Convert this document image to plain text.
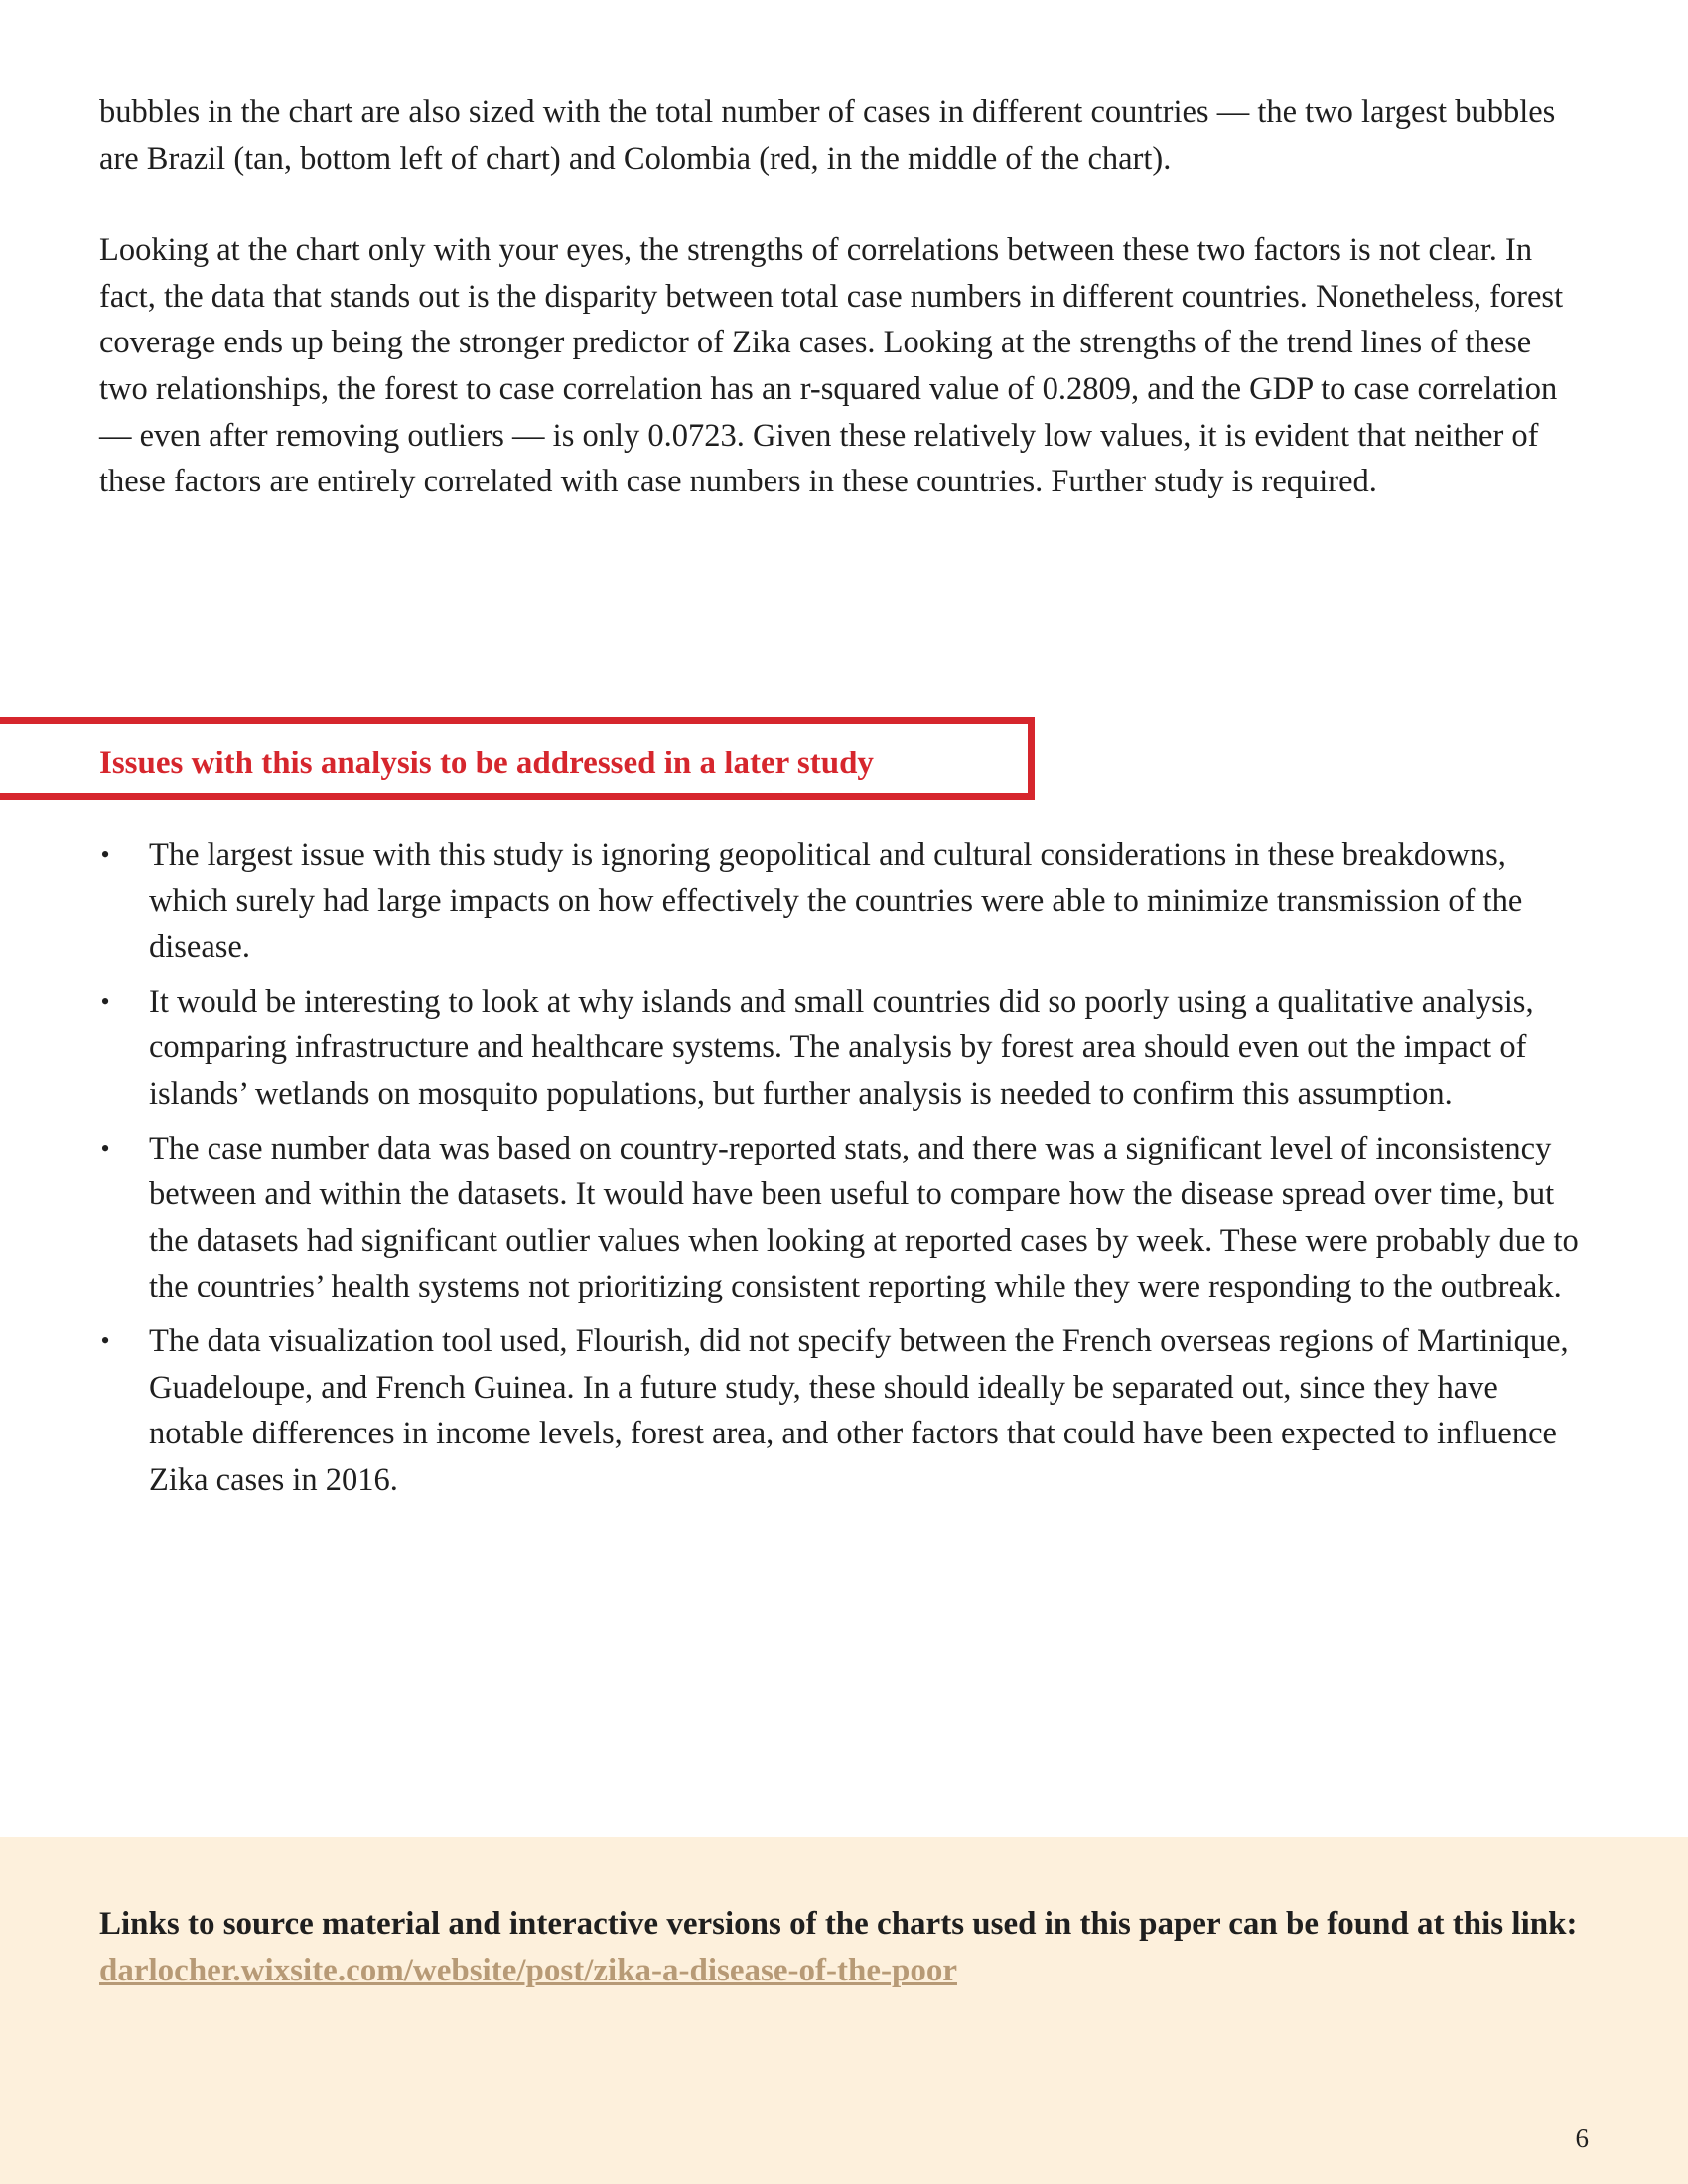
bubbles in the chart are also sized with the total number of cases in different countries — the two largest bubbles are Brazil (tan, bottom left of chart) and Colombia (red, in the middle of the chart).

Looking at the chart only with your eyes, the strengths of correlations between these two factors is not clear. In fact, the data that stands out is the disparity between total case numbers in different countries. Nonetheless, forest coverage ends up being the stronger predictor of Zika cases. Looking at the strengths of the trend lines of these two relationships, the forest to case correlation has an r-squared value of 0.2809, and the GDP to case correlation — even after removing outliers — is only 0.0723. Given these relatively low values, it is evident that neither of these factors are entirely correlated with case numbers in these countries. Further study is required.

Issues with this analysis to be addressed in a later study
• The largest issue with this study is ignoring geopolitical and cultural considerations in these breakdowns, which surely had large impacts on how effectively the countries were able to minimize transmission of the disease.
• It would be interesting to look at why islands and small countries did so poorly using a qualitative analysis, comparing infrastructure and healthcare systems. The analysis by forest area should even out the impact of islands’ wetlands on mosquito populations, but further analysis is needed to confirm this assumption.
• The case number data was based on country-reported stats, and there was a significant level of inconsistency between and within the datasets. It would have been useful to compare how the disease spread over time, but the datasets had significant outlier values when looking at reported cases by week. These were probably due to the countries’ health systems not prioritizing consistent reporting while they were responding to the outbreak.
• The data visualization tool used, Flourish, did not specify between the French overseas regions of Martinique, Guadeloupe, and French Guinea. In a future study, these should ideally be separated out, since they have notable differences in income levels, forest area, and other factors that could have been expected to influence Zika cases in 2016.
Links to source material and interactive versions of the charts used in this paper can be found at this link: darlocher.wixsite.com/website/post/zika-a-disease-of-the-poor
6
